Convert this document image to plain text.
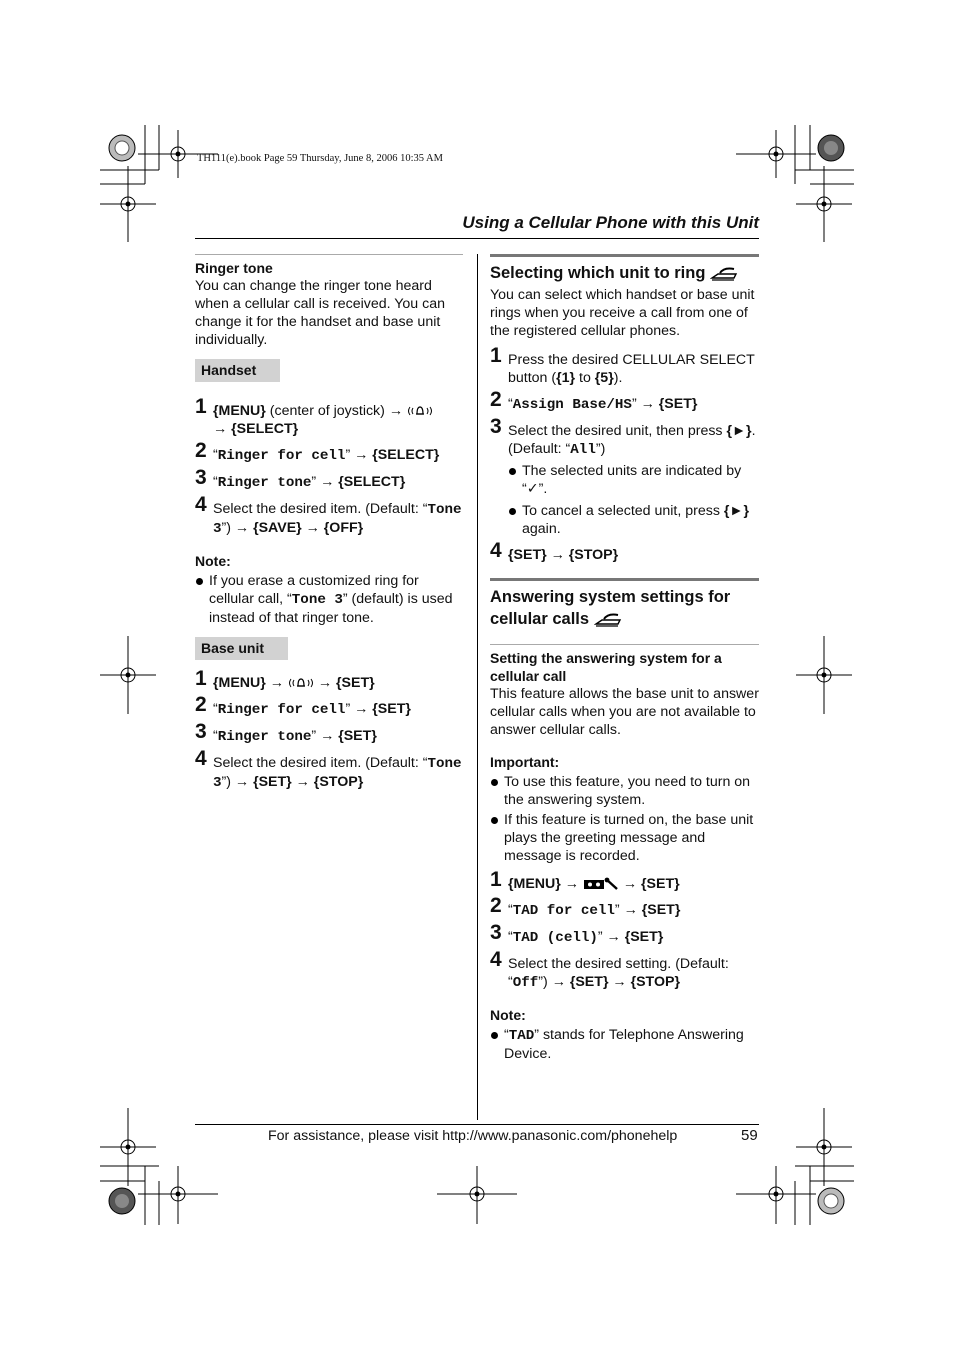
TH111(e).book Page 59 Thursday, June 8, 2006 10:35 AM
Using a Cellular Phone with this Unit
Ringer tone

You can change the ringer tone heard when a cellular call is received. You can change it for the handset and base unit individually.

Handset
1 {MENU} (center of joystick) →
→ {SELECT}
2 “Ringer for cell” → {SELECT}
3 “Ringer tone” → {SELECT}
4 Select the desired item. (Default: “Tone 3”) → {SAVE} → {OFF}
Note:
If you erase a customized ring for cellular call, “Tone 3” (default) is used instead of that ringer tone.
Base unit
1 {MENU} → → {SET}
2 “Ringer for cell” → {SET}
3 “Ringer tone” → {SET}
4 Select the desired item. (Default: “Tone 3”) → {SET} → {STOP}
Selecting which unit to ring

You can select which handset or base unit rings when you receive a call from one of the registered cellular phones.

1 Press the desired CELLULAR SELECT button ({1} to {5}).
2 “Assign Base/HS” → {SET}
3 Select the desired unit, then press {►}. (Default: “All”)
The selected units are indicated by “✓”.
To cancel a selected unit, press {►} again.
4 {SET} → {STOP}
Answering system settings for
cellular calls
Setting the answering system for a cellular call

This feature allows the base unit to answer cellular calls when you are not available to answer cellular calls.

Important:
To use this feature, you need to turn on the answering system.
If this feature is turned on, the base unit plays the greeting message and message is recorded.
1 {MENU} →	→ {SET}
2 “TAD for cell” → {SET}
3 “TAD (cell)” → {SET}
4 Select the desired setting. (Default: “Off”) → {SET} → {STOP}
Note:
“TAD” stands for Telephone Answering Device.
For assistance, please visit http://www.panasonic.com/phonehelp	59
